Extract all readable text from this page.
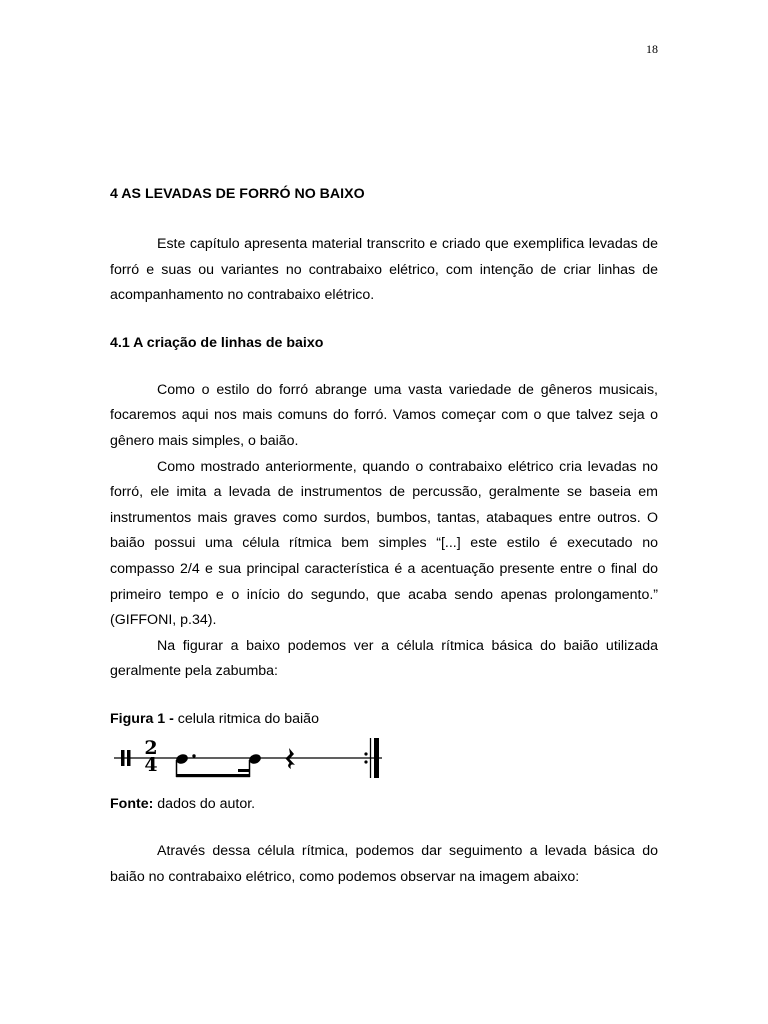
18
4 AS LEVADAS DE FORRÓ NO BAIXO

Este capítulo apresenta material transcrito e criado que exemplifica levadas de forró e suas ou variantes no contrabaixo elétrico, com intenção de criar linhas de acompanhamento no contrabaixo elétrico.

4.1 A criação de linhas de baixo

Como o estilo do forró abrange uma vasta variedade de gêneros musicais, focaremos aqui nos mais comuns do forró. Vamos começar com o que talvez seja o gênero mais simples, o baião.

Como mostrado anteriormente, quando o contrabaixo elétrico cria levadas no forró, ele imita a levada de instrumentos de percussão, geralmente se baseia em instrumentos mais graves como surdos, bumbos, tantas, atabaques entre outros. O baião possui uma célula rítmica bem simples “[...] este estilo é executado no compasso 2/4 e sua principal característica é a acentuação presente entre o final do primeiro tempo e o início do segundo, que acaba sendo apenas prolongamento.” (GIFFONI, p.34).

Na figurar a baixo podemos ver a célula rítmica básica do baião utilizada geralmente pela zabumba:

Figura 1 - celula ritmica do baião
2
4
Fonte: dados do autor.

Através dessa célula rítmica, podemos dar seguimento a levada básica do baião no contrabaixo elétrico, como podemos observar na imagem abaixo:
